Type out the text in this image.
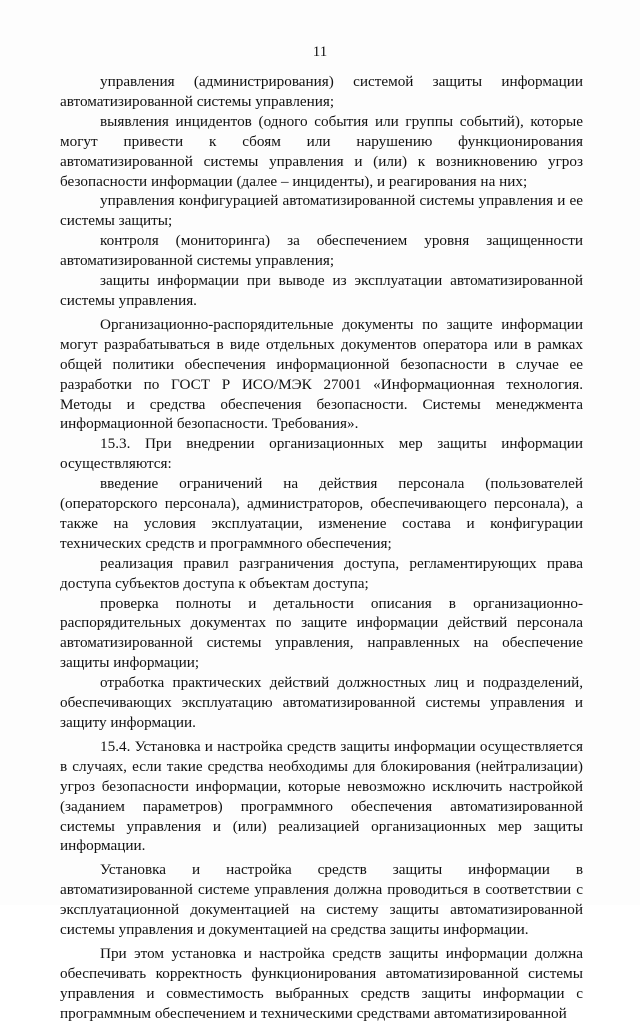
11

управления (администрирования) системой защиты информации автоматизированной системы управления;

выявления инцидентов (одного события или группы событий), которые могут привести к сбоям или нарушению функционирования автоматизированной системы управления и (или) к возникновению угроз безопасности информации (далее – инциденты), и реагирования на них;

управления конфигурацией автоматизированной системы управления и ее системы защиты;

контроля (мониторинга) за обеспечением уровня защищенности автоматизированной системы управления;

защиты информации при выводе из эксплуатации автоматизированной системы управления.

Организационно-распорядительные документы по защите информации могут разрабатываться в виде отдельных документов оператора или в рамках общей политики обеспечения информационной безопасности в случае ее разработки по ГОСТ Р ИСО/МЭК 27001 «Информационная технология. Методы и средства обеспечения безопасности. Системы менеджмента информационной безопасности. Требования».

15.3. При внедрении организационных мер защиты информации осуществляются:

введение ограничений на действия персонала (пользователей (операторского персонала), администраторов, обеспечивающего персонала), а также на условия эксплуатации, изменение состава и конфигурации технических средств и программного обеспечения;

реализация правил разграничения доступа, регламентирующих права доступа субъектов доступа к объектам доступа;

проверка полноты и детальности описания в организационно-распорядительных документах по защите информации действий персонала автоматизированной системы управления, направленных на обеспечение защиты информации;

отработка практических действий должностных лиц и подразделений, обеспечивающих эксплуатацию автоматизированной системы управления и защиту информации.

15.4. Установка и настройка средств защиты информации осуществляется в случаях, если такие средства необходимы для блокирования (нейтрализации) угроз безопасности информации, которые невозможно исключить настройкой (заданием параметров) программного обеспечения автоматизированной системы управления и (или) реализацией организационных мер защиты информации.

Установка и настройка средств защиты информации в автоматизированной системе управления должна проводиться в соответствии с эксплуатационной документацией на систему защиты автоматизированной системы управления и документацией на средства защиты информации.

При этом установка и настройка средств защиты информации должна обеспечивать корректность функционирования автоматизированной системы управления и совместимость выбранных средств защиты информации с программным обеспечением и техническими средствами автоматизированной
